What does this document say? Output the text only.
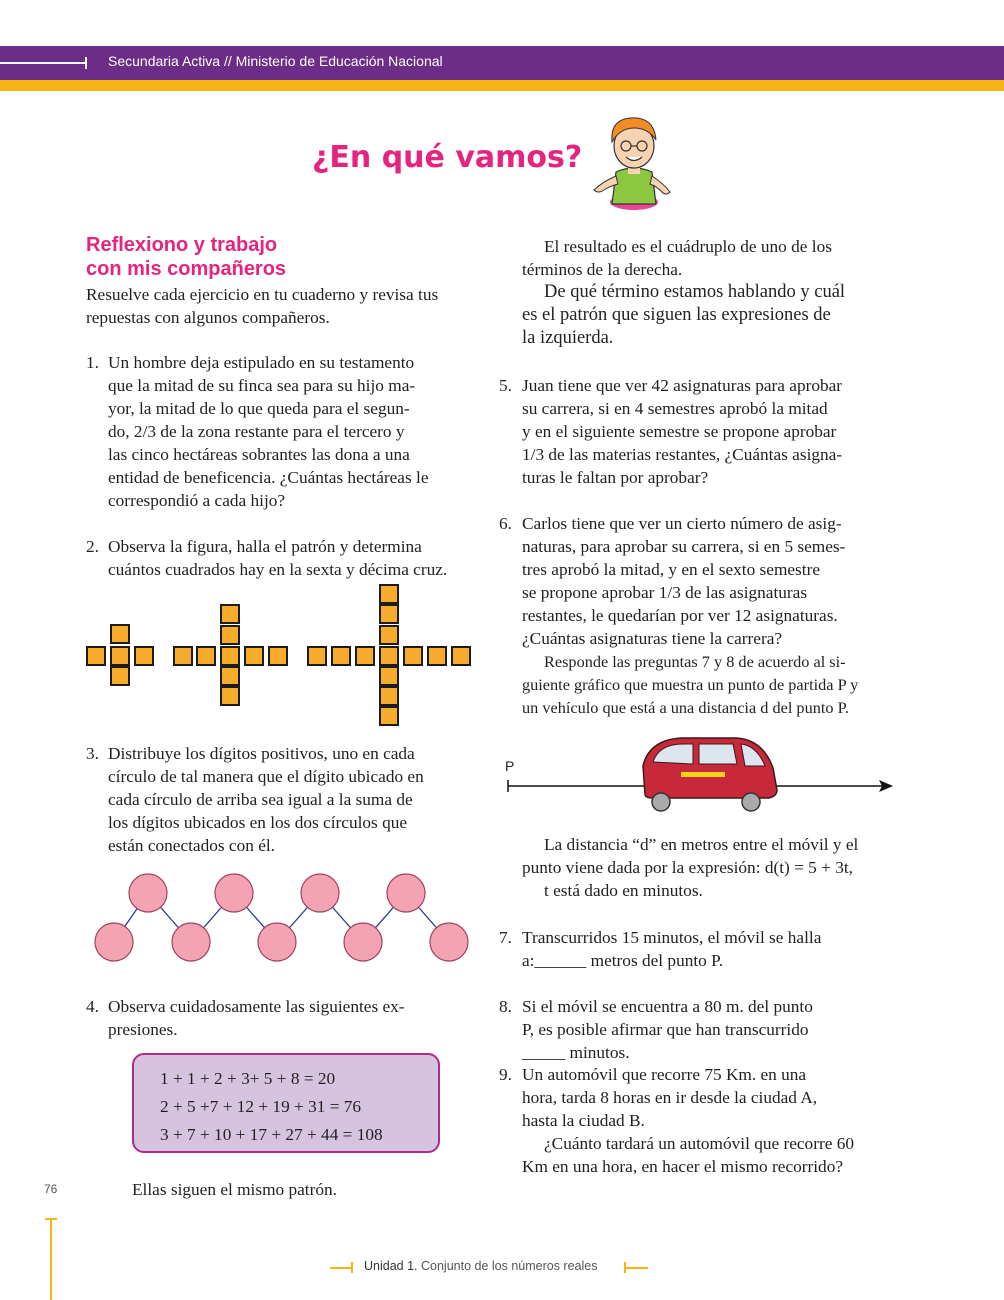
Secundaria Activa // Ministerio de Educación Nacional
¿En qué vamos?
Reflexiono y trabajo
con mis compañeros
Resuelve cada ejercicio en tu cuaderno y revisa tus
repuestas con algunos compañeros.
1. Un hombre deja estipulado en su testamento
que la mitad de su finca sea para su hijo ma-
yor, la mitad de lo que queda para el segun-
do, 2/3 de la zona restante para el tercero y
las cinco hectáreas sobrantes las dona a una
entidad de beneficencia. ¿Cuántas hectáreas le
correspondió a cada hijo?
2. Observa la figura, halla el patrón y determina
cuántos cuadrados hay en la sexta y décima cruz.
3. Distribuye los dígitos positivos, uno en cada
círculo de tal manera que el dígito ubicado en
cada círculo de arriba sea igual a la suma de
los dígitos ubicados en los dos círculos que
están conectados con él.
4. Observa cuidadosamente las siguientes ex-
presiones.
1 + 1 + 2 + 3+ 5 + 8 = 20
2 + 5 +7 + 12 + 19 + 31 = 76
3 + 7 + 10 + 17 + 27 + 44 = 108
Ellas siguen el mismo patrón.
El resultado es el cuádruplo de uno de los
términos de la derecha.
De qué término estamos hablando y cuál
es el patrón que siguen las expresiones de
la izquierda.
5. Juan tiene que ver 42 asignaturas para aprobar
su carrera, si en 4 semestres aprobó la mitad
y en el siguiente semestre se propone aprobar
1/3 de las materias restantes, ¿Cuántas asigna-
turas le faltan por aprobar?
6. Carlos tiene que ver un cierto número de asig-
naturas, para aprobar su carrera, si en 5 semes-
tres aprobó la mitad, y en el sexto semestre
se propone aprobar 1/3 de las asignaturas
restantes, le quedarían por ver 12 asignaturas.
¿Cuántas asignaturas tiene la carrera?
Responde las preguntas 7 y 8 de acuerdo al si-
guiente gráfico que muestra un punto de partida P y
un vehículo que está a una distancia d del punto P.
P
La distancia “d” en metros entre el móvil y el
punto viene dada por la expresión: d(t) = 5 + 3t,
t está dado en minutos.
7. Transcurridos 15 minutos, el móvil se halla
a:______ metros del punto P.
8. Si el móvil se encuentra a 80 m. del punto
P, es posible afirmar que han transcurrido
_____ minutos.
9. Un automóvil que recorre 75 Km. en una
hora, tarda 8 horas en ir desde la ciudad A,
hasta la ciudad B.
¿Cuánto tardará un automóvil que recorre 60
Km en una hora, en hacer el mismo recorrido?
76
Unidad 1. Conjunto de los números reales
